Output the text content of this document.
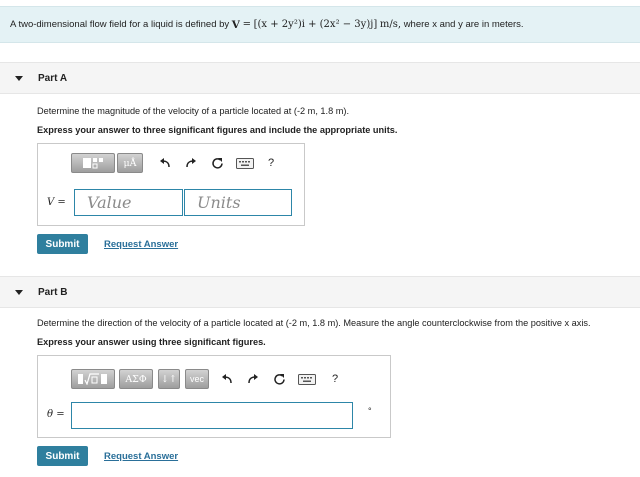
A two-dimensional flow field for a liquid is defined by
V
=
[(x + 2y²)i + (2x² − 3y)j]
m/s,
where x and y are in meters.
Part A
Determine the magnitude of the velocity of a particle located at (-2 m, 1.8 m).
Express your answer to three significant figures and include the appropriate units.
μÅ	?
V =	Value	Units
Submit	Request Answer
Part B
Determine the direction of the velocity of a particle located at (-2 m, 1.8 m). Measure the angle counterclockwise from the positive x axis.
Express your answer using three significant figures.
ΑΣΦ	↓↑	vec	?
θ =	°
Submit	Request Answer
